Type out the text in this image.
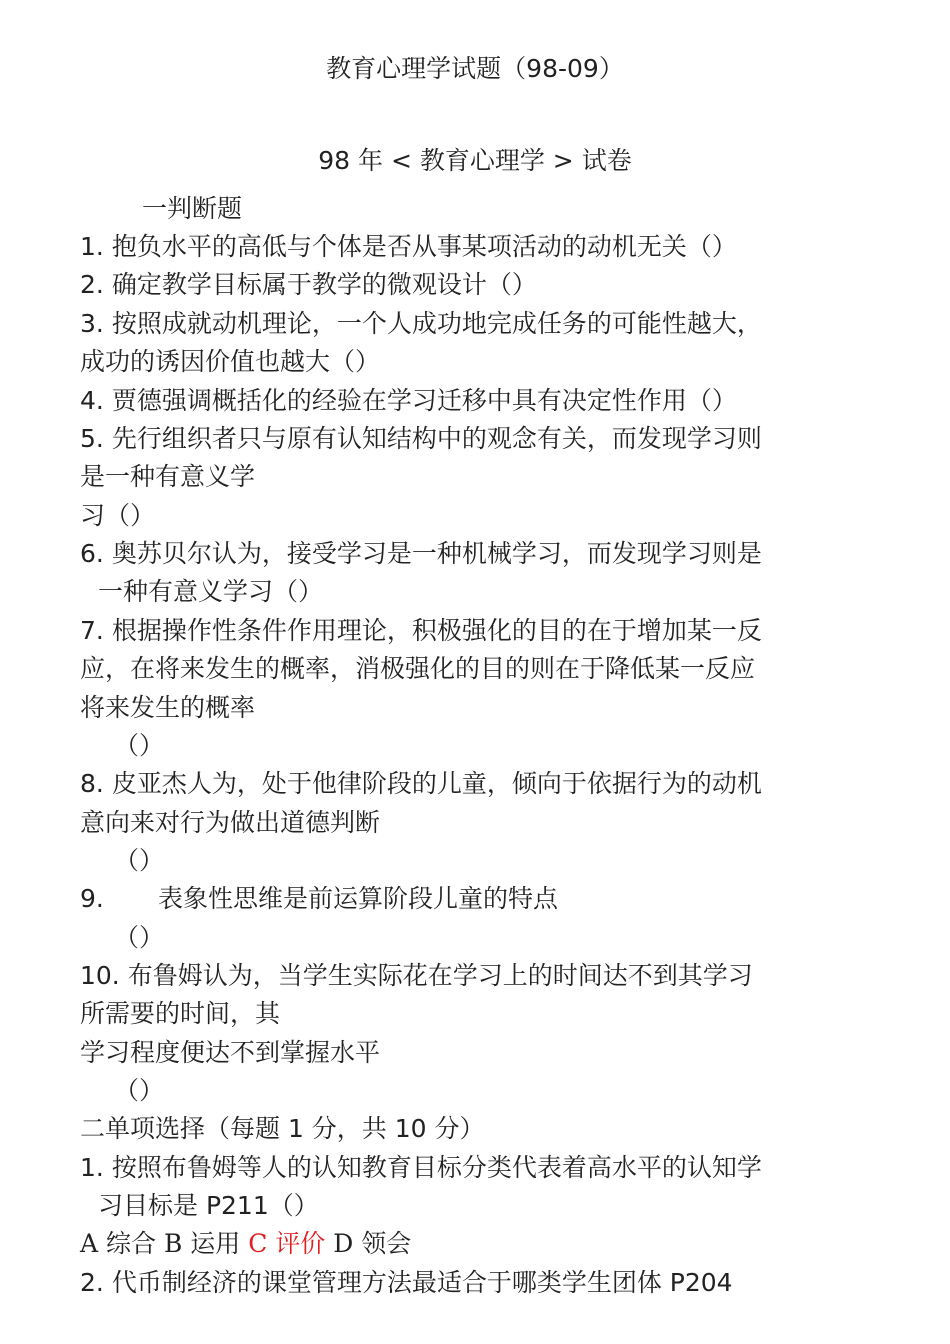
教育心理学试题（98-09）
98 年 < 教育心理学 > 试卷
一判断题
1. 抱负水平的高低与个体是否从事某项活动的动机无关（）
2. 确定教学目标属于教学的微观设计（）
3. 按照成就动机理论，一个人成功地完成任务的可能性越大，
成功的诱因价值也越大（）
4. 贾德强调概括化的经验在学习迁移中具有决定性作用（）
5. 先行组织者只与原有认知结构中的观念有关，而发现学习则
是一种有意义学
习（）
6. 奥苏贝尔认为，接受学习是一种机械学习，而发现学习则是
一种有意义学习（）
7. 根据操作性条件作用理论，积极强化的目的在于增加某一反
应，在将来发生的概率，消极强化的目的则在于降低某一反应
将来发生的概率
（）
8. 皮亚杰人为，处于他律阶段的儿童，倾向于依据行为的动机
意向来对行为做出道德判断
（）
9. 表象性思维是前运算阶段儿童的特点
（）
10. 布鲁姆认为，当学生实际花在学习上的时间达不到其学习
所需要的时间，其
学习程度便达不到掌握水平
（）
二单项选择（每题 1 分，共 10 分）
1. 按照布鲁姆等人的认知教育目标分类代表着高水平的认知学
习目标是 P211（）
A 综合 B 运用 C 评价 D 领会
2. 代币制经济的课堂管理方法最适合于哪类学生团体 P204
